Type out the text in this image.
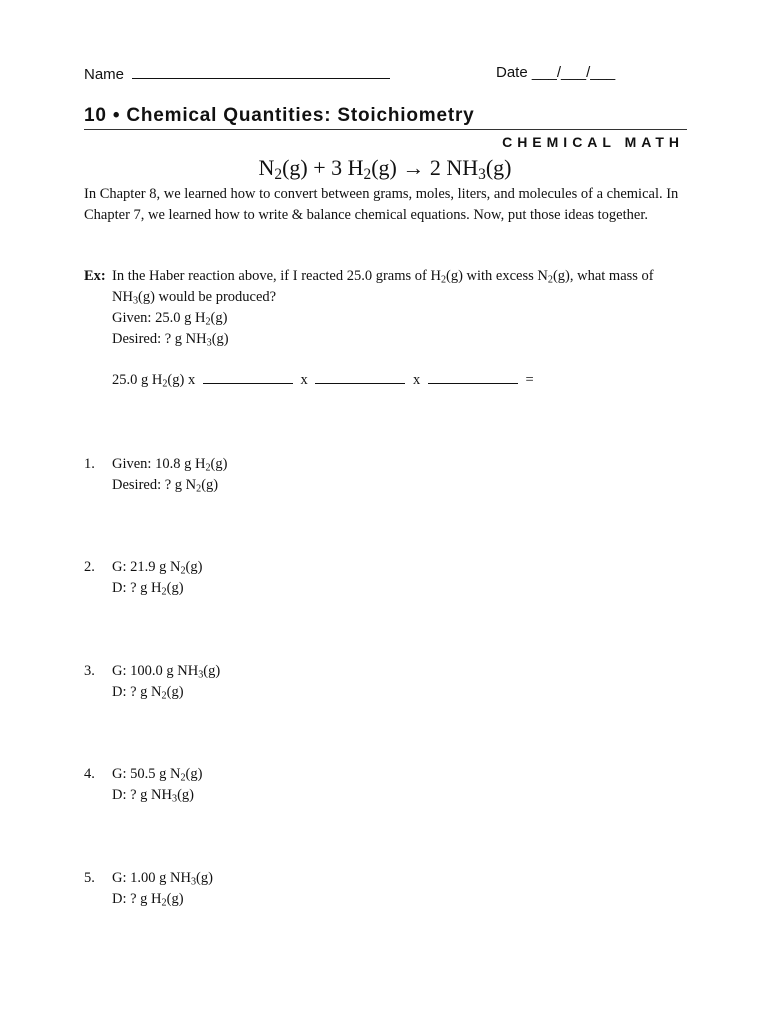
Name	Date ___/___/___
10 • Chemical Quantities: Stoichiometry
CHEMICAL MATH
$N_2(g) + 3$ $H_2(g) \to 2$ $NH_3(g)$
In Chapter 8, we learned how to convert between grams, moles, liters, and molecules of a chemical. In Chapter 7, we learned how to write & balance chemical equations. Now, put those ideas together.
Ex: In the Haber reaction above, if I reacted 25.0 grams of $H_2(g)$ with excess $N_2(g)$, what mass of $NH_3(g)$ would be produced?
Given: 25.0 g $H_2(g)$
Desired: ? g $NH_3(g)$
25.0 g $H_2(g)$ x	x	x	=
1. Given: 10.8 g $H_2(g)$
Desired: ? g $N_2(g)$
2. G: 21.9 g $N_2(g)$
D: ? g $H_2(g)$
3. G: 100.0 g $NH_3(g)$
D: ? g $N_2(g)$
4. G: 50.5 g $N_2(g)$
D: ? g $NH_3(g)$
5. G: 1.00 g $NH_3(g)$
D: ? g $H_2(g)$
